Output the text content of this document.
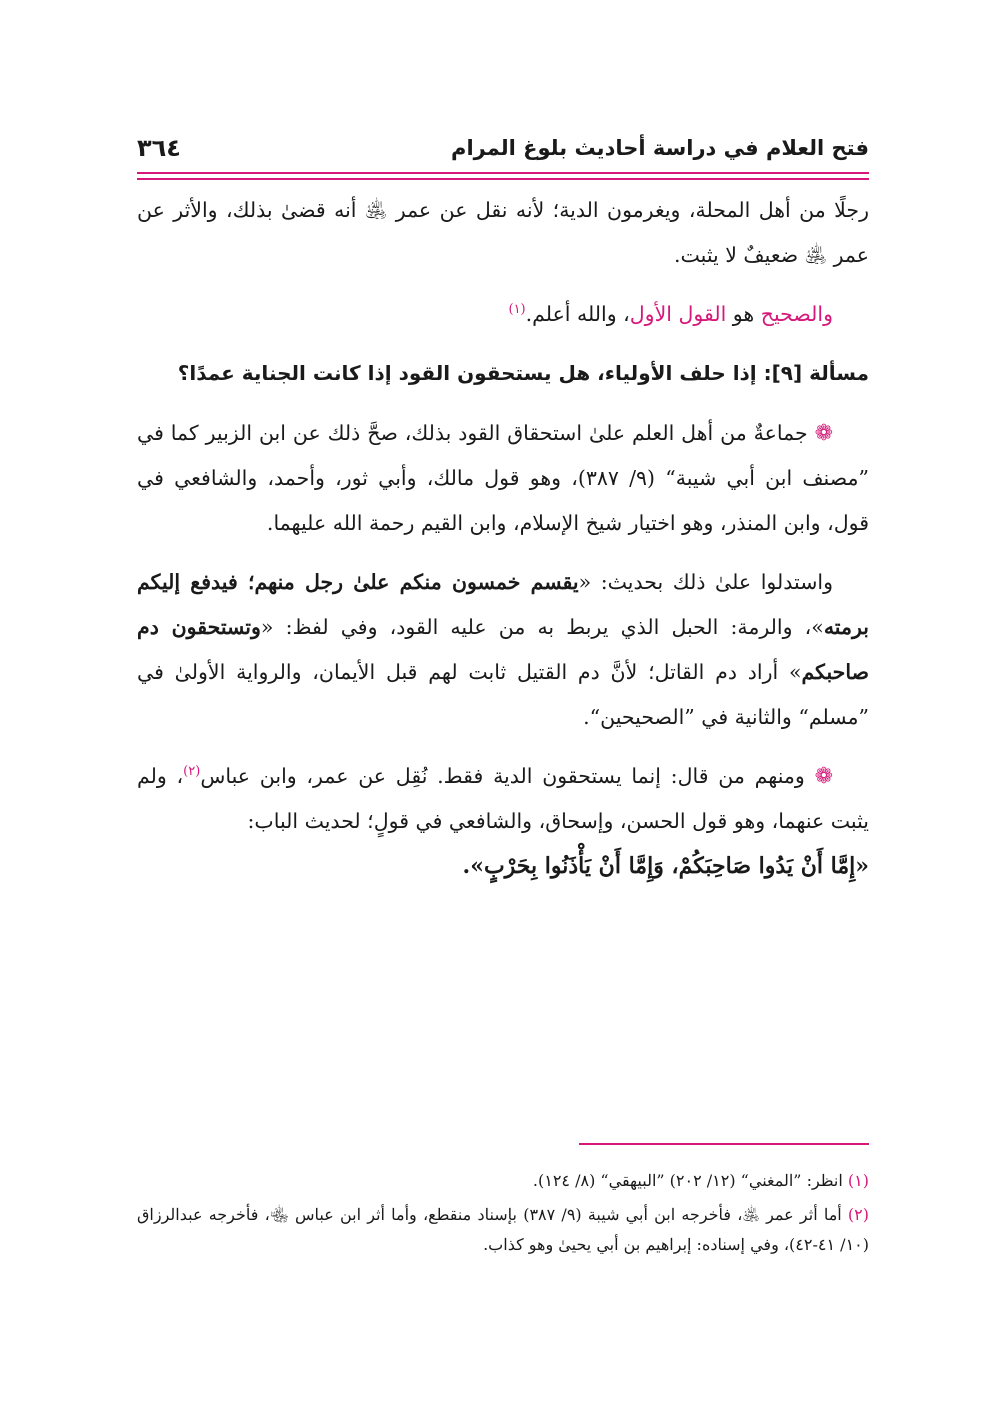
فتح العلام في دراسة أحاديث بلوغ المرام
٣٦٤

رجلًا من أهل المحلة، ويغرمون الدية؛ لأنه نقل عن عمر ﵁ أنه قضىٰ بذلك، والأثر عن عمر ﵁ ضعيفٌ لا يثبت.

والصحيح هو القول الأول، والله أعلم.$^{(١)}$

مسألة [٩]: إذا حلف الأولياء، هل يستحقون القود إذا كانت الجناية عمدًا؟

❁ جماعةٌ من أهل العلم علىٰ استحقاق القود بذلك، صحَّ ذلك عن ابن الزبير كما في ”مصنف ابن أبي شيبة“ (٩/ ٣٨٧)، وهو قول مالك، وأبي ثور، وأحمد، والشافعي في قول، وابن المنذر، وهو اختيار شيخ الإسلام، وابن القيم رحمة الله عليهما.

واستدلوا علىٰ ذلك بحديث: «يقسم خمسون منكم علىٰ رجل منهم؛ فيدفع إليكم برمته»، والرمة: الحبل الذي يربط به من عليه القود، وفي لفظ: «وتستحقون دم صاحبكم» أراد دم القاتل؛ لأنَّ دم القتيل ثابت لهم قبل الأيمان، والرواية الأولىٰ في ”مسلم“ والثانية في ”الصحيحين“.

❁ ومنهم من قال: إنما يستحقون الدية فقط. نُقِل عن عمر، وابن عباس$^{(٢)}$، ولم يثبت عنهما، وهو قول الحسن، وإسحاق، والشافعي في قولٍ؛ لحديث الباب:
«إِمَّا أَنْ يَدُوا صَاحِبَكُمْ، وَإِمَّا أَنْ يَأْذَنُوا بِحَرْبٍ».

(١) انظر: ”المغني“ (١٢/ ٢٠٢) ”البيهقي“ (٨/ ١٢٤).

(٢) أما أثر عمر ﵁، فأخرجه ابن أبي شيبة (٩/ ٣٨٧) بإسناد منقطع، وأما أثر ابن عباس ﵄، فأخرجه عبدالرزاق (١٠/ ٤١-٤٢)، وفي إسناده: إبراهيم بن أبي يحيىٰ وهو كذاب.
